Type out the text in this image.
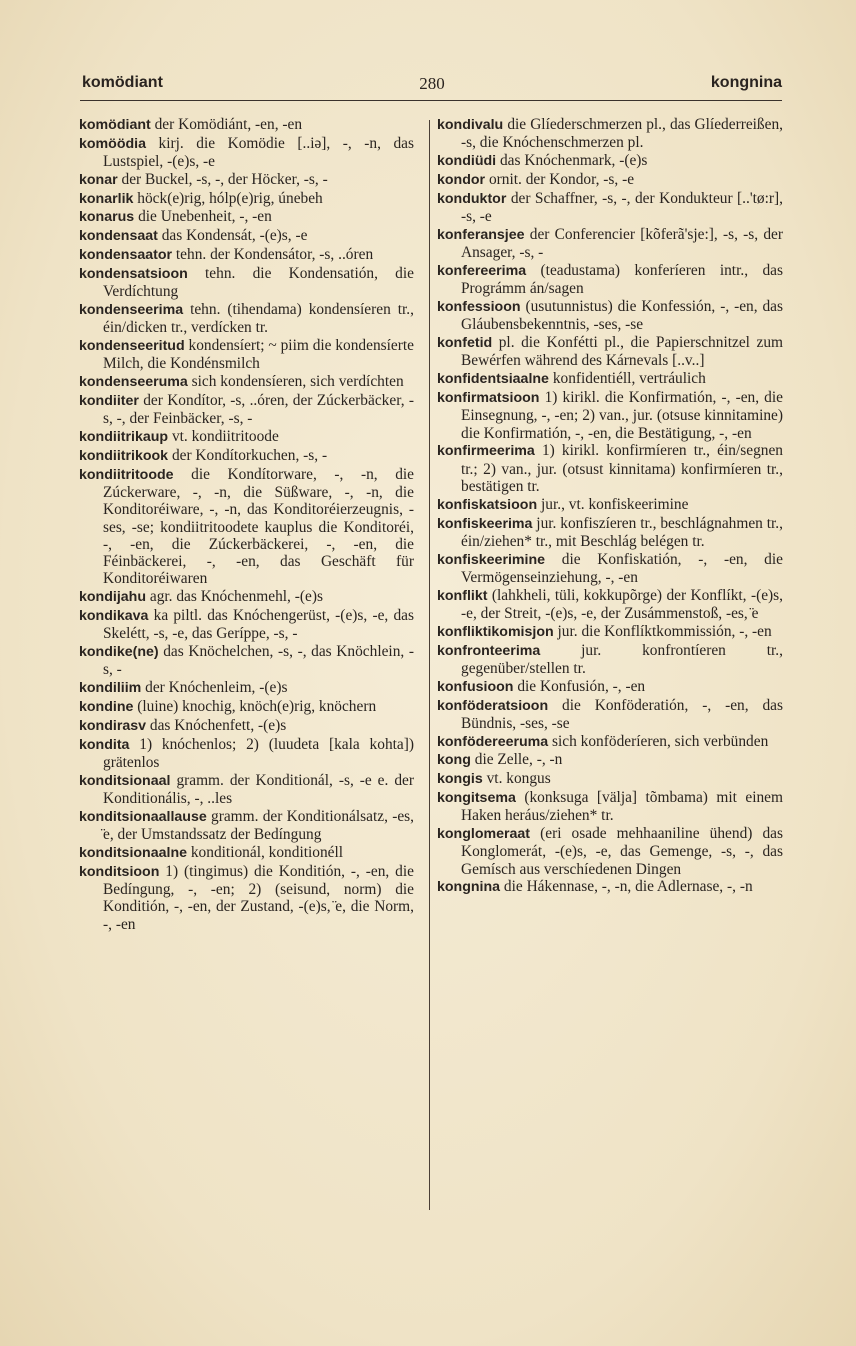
komödiant	280	kongnina
komödiant der Komödiánt, -en, -en
komöödia kirj. die Komödie [..iə], -, -n, das Lustspiel, -(e)s, -e
konar der Buckel, -s, -, der Höcker, -s, -
konarlik höck(e)rig, hólp(e)rig, únebeh
konarus die Unebenheit, -, -en
kondensaat das Kondensát, -(e)s, -e
kondensaator tehn. der Kondensátor, -s, ..óren
kondensatsioon tehn. die Kondensatión, die Verdíchtung
kondenseerima tehn. (tihendama) kondensíeren tr., éin/dicken tr., verdícken tr.
kondenseeritud kondensíert; ~ piim die kondensíerte Milch, die Kondénsmilch
kondenseeruma sich kondensíeren, sich verdíchten
kondiiter der Kondítor, -s, ..óren, der Zúckerbäcker, -s, -, der Feinbäcker, -s, -
kondiitrikaup vt. kondiitritoode
kondiitrikook der Kondítorkuchen, -s, -
kondiitritoode die Kondítorware, -, -n, die Zúckerware, -, -n, die Süßware, -, -n, die Konditoréiware, -, -n, das Konditoréierzeugnis, -ses, -se; kondiitritoodete kauplus die Konditoréi, -, -en, die Zúckerbäckerei, -, -en, die Féinbäckerei, -, -en, das Geschäft für Konditoréiwaren
kondijahu agr. das Knóchenmehl, -(e)s
kondikava ka piltl. das Knóchengerüst, -(e)s, -e, das Skelétt, -s, -e, das Geríppe, -s, -
kondike(ne) das Knöchelchen, -s, -, das Knöchlein, -s, -
kondiliim der Knóchenleim, -(e)s
kondine (luine) knochig, knöch(e)rig, knöchern
kondirasv das Knóchenfett, -(e)s
kondita 1) knóchenlos; 2) (luudeta [kala kohta]) grätenlos
konditsionaal gramm. der Konditionál, -s, -e e. der Konditionális, -, ..les
konditsionaallause gramm. der Konditionálsatz, -es, ̈e, der Umstandssatz der Bedíngung
konditsionaalne konditionál, konditionéll
konditsioon 1) (tingimus) die Konditión, -, -en, die Bedíngung, -, -en; 2) (seisund, norm) die Konditión, -, -en, der Zustand, -(e)s, ̈e, die Norm, -, -en
kondivalu die Glíederschmerzen pl., das Glíederreißen, -s, die Knóchenschmerzen pl.
kondiüdi das Knóchenmark, -(e)s
kondor ornit. der Kondor, -s, -e
konduktor der Schaffner, -s, -, der Kondukteur [..'tø:r], -s, -e
konferansjee der Conferencier [kõferã'sje:], -s, -s, der Ansager, -s, -
konfereerima (teadustama) konferíeren intr., das Prográmm án/sagen
konfessioon (usutunnistus) die Konfessión, -, -en, das Gláubensbekenntnis, -ses, -se
konfetid pl. die Konfétti pl., die Papierschnitzel zum Bewérfen während des Kárnevals [..v..]
konfidentsiaalne konfidentiéll, vertráulich
konfirmatsioon 1) kirikl. die Konfirmatión, -, -en, die Einsegnung, -, -en; 2) van., jur. (otsuse kinnitamine) die Konfirmatión, -, -en, die Bestätigung, -, -en
konfirmeerima 1) kirikl. konfirmíeren tr., éin/segnen tr.; 2) van., jur. (otsust kinnitama) konfirmíeren tr., bestätigen tr.
konfiskatsioon jur., vt. konfiskeerimine
konfiskeerima jur. konfiszíeren tr., beschlágnahmen tr., éin/ziehen* tr., mit Beschlág belégen tr.
konfiskeerimine die Konfiskatión, -, -en, die Vermögenseinziehung, -, -en
konflikt (lahkheli, tüli, kokkupõrge) der Konflíkt, -(e)s, -e, der Streit, -(e)s, -e, der Zusámmenstoß, -es, ̈e
konfliktikomisjon jur. die Konflíktkommissión, -, -en
konfronteerima	jur. konfrontíeren tr., gegenüber/stellen tr.
konfusioon die Konfusión, -, -en
konföderatsioon die Konföderatión, -, -en, das Bündnis, -ses, -se
konfödereeruma sich konföderíeren, sich verbünden
kong die Zelle, -, -n
kongis vt. kongus
kongitsema (konksuga [välja] tõmbama) mit einem Haken heráus/ziehen* tr.
konglomeraat (eri osade mehhaaniline ühend) das Konglomerát, -(e)s, -e, das Gemenge, -s, -, das Gemísch aus verschíedenen Dingen
kongnina die Hákennase, -, -n, die Adlernase, -, -n
